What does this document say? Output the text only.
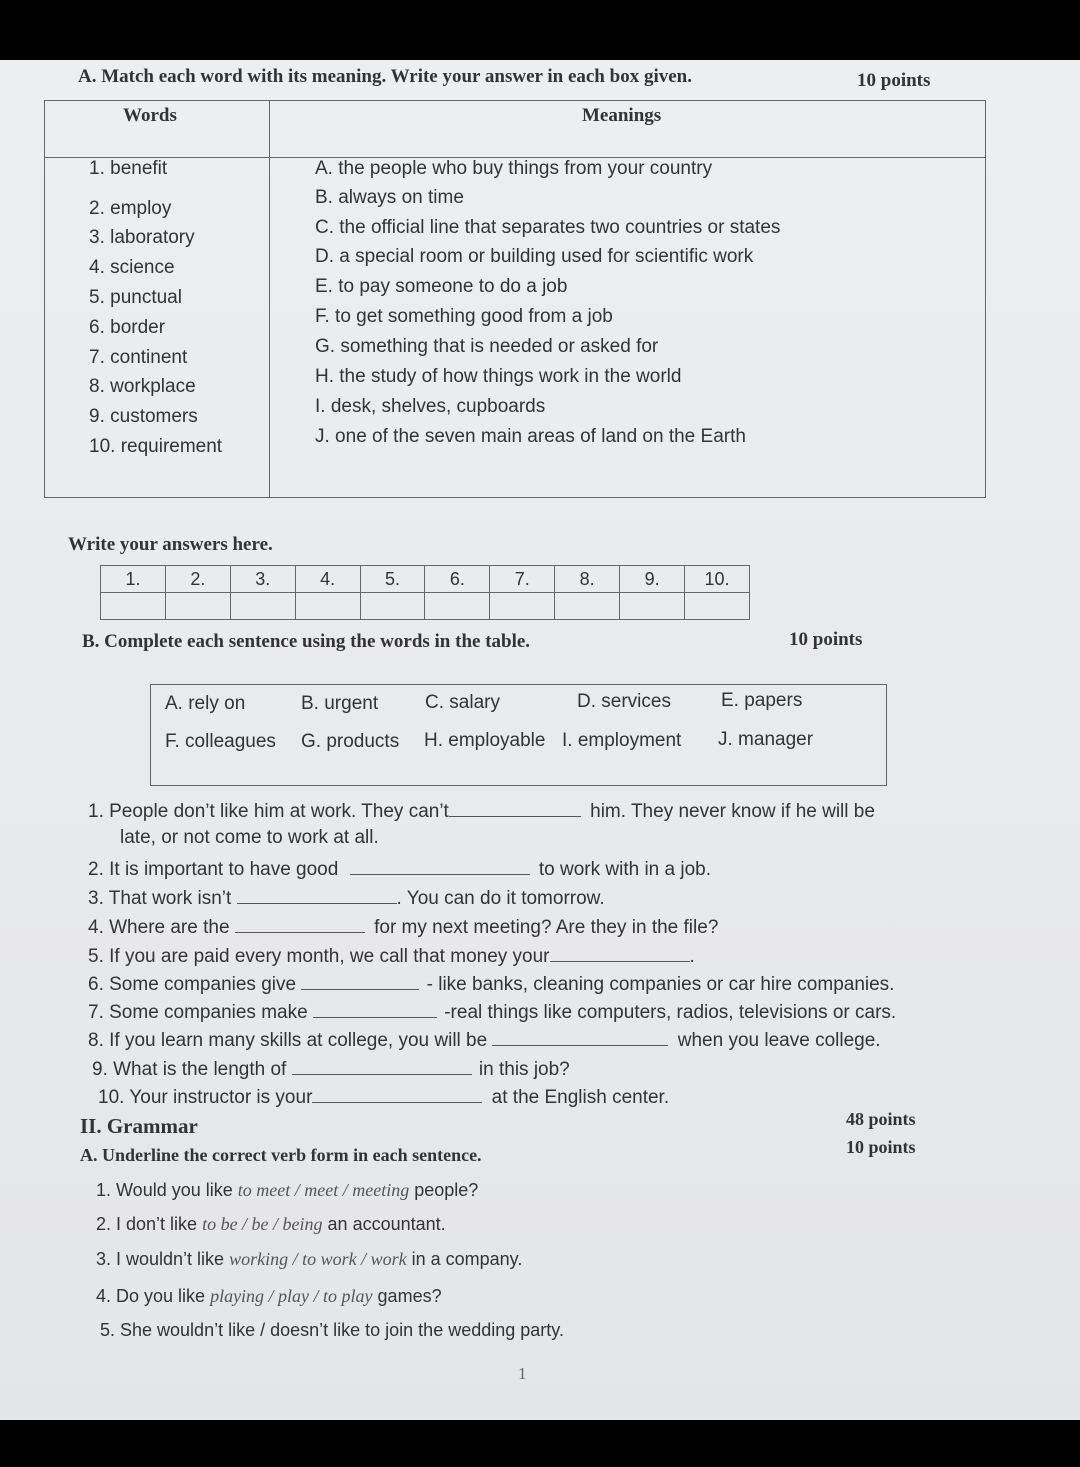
A. Match each word with its meaning. Write your answer in each box given.	10 points
Words	Meanings
1. benefit
2. employ
3. laboratory
4. science
5. punctual
6. border
7. continent
8. workplace
9. customers
10. requirement
A. the people who buy things from your country
B. always on time
C. the official line that separates two countries or states
D. a special room or building used for scientific work
E. to pay someone to do a job
F. to get something good from a job
G. something that is needed or asked for
H. the study of how things work in the world
I. desk, shelves, cupboards
J. one of the seven main areas of land on the Earth
Write your answers here.
1.	2.	3.	4.	5.	6.	7.	8.	9.	10.

B. Complete each sentence using the words in the table.	10 points
A. rely on	B. urgent C. salary	D. services	E. papers
F. colleagues G. products H. employable I. employment J. manager
1. People don’t like him at work. They can’t	him. They never know if he will be
late, or not come to work at all.
2. It is important to have good	to work with in a job.
3. That work isn’t	. You can do it tomorrow.
4. Where are the	for my next meeting? Are they in the file?
5. If you are paid every month, we call that money your	.
6. Some companies give	- like banks, cleaning companies or car hire companies.
7. Some companies make	-real things like computers, radios, televisions or cars.
8. If you learn many skills at college, you will be	when you leave college.
9. What is the length of	in this job?
10. Your instructor is your	at the English center.
II. Grammar	48 points
A. Underline the correct verb form in each sentence.	10 points
1. Would you like to meet / meet / meeting people?
2. I don’t like to be / be / being an accountant.
3. I wouldn’t like working / to work / work in a company.
4. Do you like playing / play / to play games?
5. She wouldn’t like / doesn’t like to join the wedding party.
1
